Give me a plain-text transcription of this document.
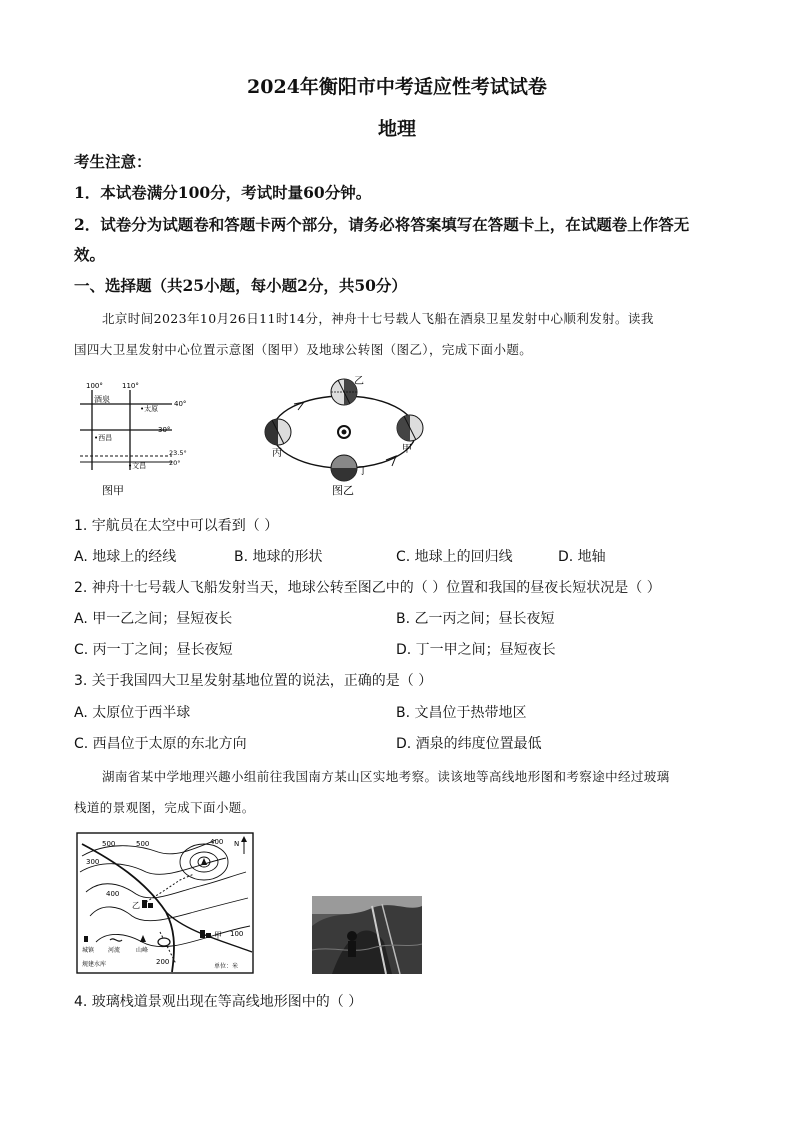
2024年衡阳市中考适应性考试试卷
地理
考生注意：
1．本试卷满分100分，考试时量60分钟。
2．试卷分为试题卷和答题卡两个部分，请务必将答案填写在答题卡上，在试题卷上作答无
效。
一、选择题（共25小题，每小题2分，共50分）
北京时间2023年10月26日11时14分，神舟十七号载人飞船在酒泉卫星发射中心顺利发射。读我
国四大卫星发射中心位置示意图（图甲）及地球公转图（图乙），完成下面小题。
100°	110°
40°
30°
23.5°
20°
酒泉
•太原
•西昌
•文昌
图甲
乙
丙	甲
丁
图乙
1. 宇航员在太空中可以看到（ ）
A. 地球上的经线	B. 地球的形状	C. 地球上的回归线	D. 地轴
2. 神舟十七号载人飞船发射当天，地球公转至图乙中的（ ）位置和我国的昼夜长短状况是（ ）
A. 甲一乙之间；昼短夜长	B. 乙一丙之间；昼长夜短
C. 丙一丁之间；昼长夜短	D. 丁一甲之间；昼短夜长
3. 关于我国四大卫星发射基地位置的说法，正确的是（ ）
A. 太原位于西半球	B. 文昌位于热带地区
C. 西昌位于太原的东北方向	D. 酒泉的纬度位置最低
湖南省某中学地理兴趣小组前往我国南方某山区实地考察。读该地等高线地形图和考察途中经过玻璃
栈道的景观图，完成下面小题。
N
500	500	400
300
400
100
200
乙
甲
城镇 河流	山峰
规建水库	单位：米
4. 玻璃栈道景观出现在等高线地形图中的（ ）
